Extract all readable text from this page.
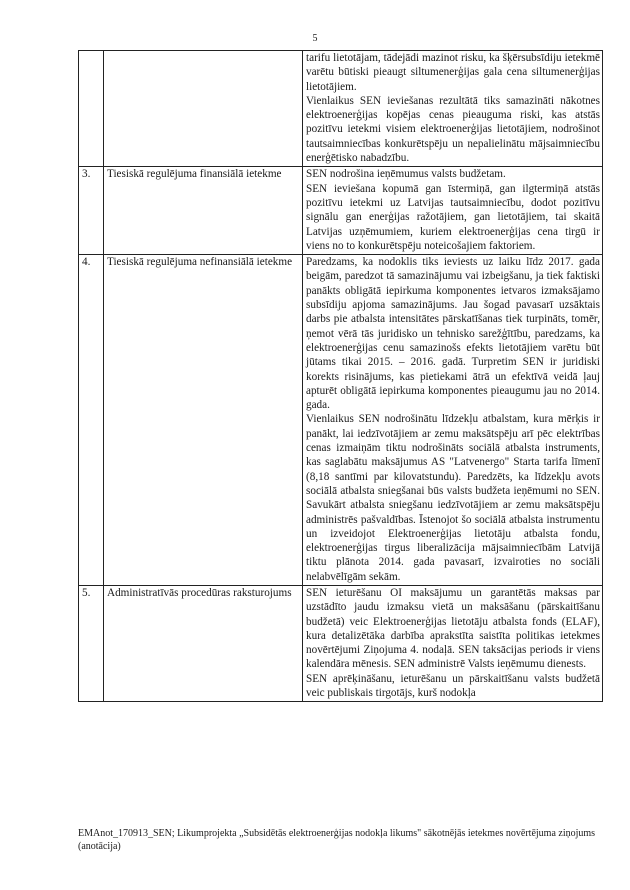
5

		tarifu lietotājam, tādejādi mazinot risku, ka šķērsubsīdiju ietekmē varētu būtiski pieaugt siltumenerģijas gala cena siltumenerģijas lietotājiem.

Vienlaikus SEN ieviešanas rezultātā tiks samazināti nākotnes elektroenerģijas kopējas cenas pieauguma riski, kas atstās pozitīvu ietekmi visiem elektroenerģijas lietotājiem, nodrošinot tautsaimniecības konkurētspēju un nepalielinātu mājsaimniecību enerģētisko nabadzību.

3.	Tiesiskā regulējuma finansiālā ietekme	SEN nodrošina ieņēmumus valsts budžetam.

SEN ieviešana kopumā gan īstermiņā, gan ilgtermiņā atstās pozitīvu ietekmi uz Latvijas tautsaimniecību, dodot pozitīvu signālu gan enerģijas ražotājiem, gan lietotājiem, tai skaitā Latvijas uzņēmumiem, kuriem elektroenerģijas cena tirgū ir viens no to konkurētspēju noteicošajiem faktoriem.

4.	Tiesiskā regulējuma nefinansiālā ietekme	Paredzams, ka nodoklis tiks ieviests uz laiku līdz 2017. gada beigām, paredzot tā samazinājumu vai izbeigšanu, ja tiek faktiski panākts obligātā iepirkuma komponentes ietvaros izmaksājamo subsīdiju apjoma samazinājums. Jau šogad pavasarī uzsāktais darbs pie atbalsta intensitātes pārskatīšanas tiek turpināts, tomēr, ņemot vērā tās juridisko un tehnisko sarežģītību, paredzams, ka elektroenerģijas cenu samazinošs efekts lietotājiem varētu būt jūtams tikai 2015. – 2016. gadā. Turpretim SEN ir juridiski korekts risinājums, kas pietiekami ātrā un efektīvā veidā ļauj apturēt obligātā iepirkuma komponentes pieaugumu jau no 2014. gada.

Vienlaikus SEN nodrošinātu līdzekļu atbalstam, kura mērķis ir panākt, lai iedzīvotājiem ar zemu maksātspēju arī pēc elektrības cenas izmaiņām tiktu nodrošināts sociālā atbalsta instruments, kas saglabātu maksājumus AS "Latvenergo" Starta tarifa līmenī (8,18 santīmi par kilovatstundu). Paredzēts, ka līdzekļu avots sociālā atbalsta sniegšanai būs valsts budžeta ieņēmumi no SEN. Savukārt atbalsta sniegšanu iedzīvotājiem ar zemu maksātspēju administrēs pašvaldības. Īstenojot šo sociālā atbalsta instrumentu un izveidojot Elektroenerģijas lietotāju atbalsta fondu, elektroenerģijas tirgus liberalizācija mājsaimniecībām Latvijā tiktu plānota 2014. gada pavasarī, izvairoties no sociāli nelabvēlīgām sekām.

5.	Administratīvās procedūras raksturojums	SEN ieturēšanu OI maksājumu un garantētās maksas par uzstādīto jaudu izmaksu vietā un maksāšanu (pārskaitīšanu budžetā) veic Elektroenerģijas lietotāju atbalsta fonds (ELAF), kura detalizētāka darbība aprakstīta saistīta politikas ietekmes novērtējumi Ziņojuma 4. nodaļā. SEN taksācijas periods ir viens kalendāra mēnesis. SEN administrē Valsts ieņēmumu dienests.

SEN aprēķināšanu, ieturēšanu un pārskaitīšanu valsts budžetā veic publiskais tirgotājs, kurš nodokļa

EMAnot_170913_SEN; Likumprojekta „Subsidētās elektroenerģijas nodokļa likums" sākotnējās ietekmes novērtējuma ziņojums (anotācija)
